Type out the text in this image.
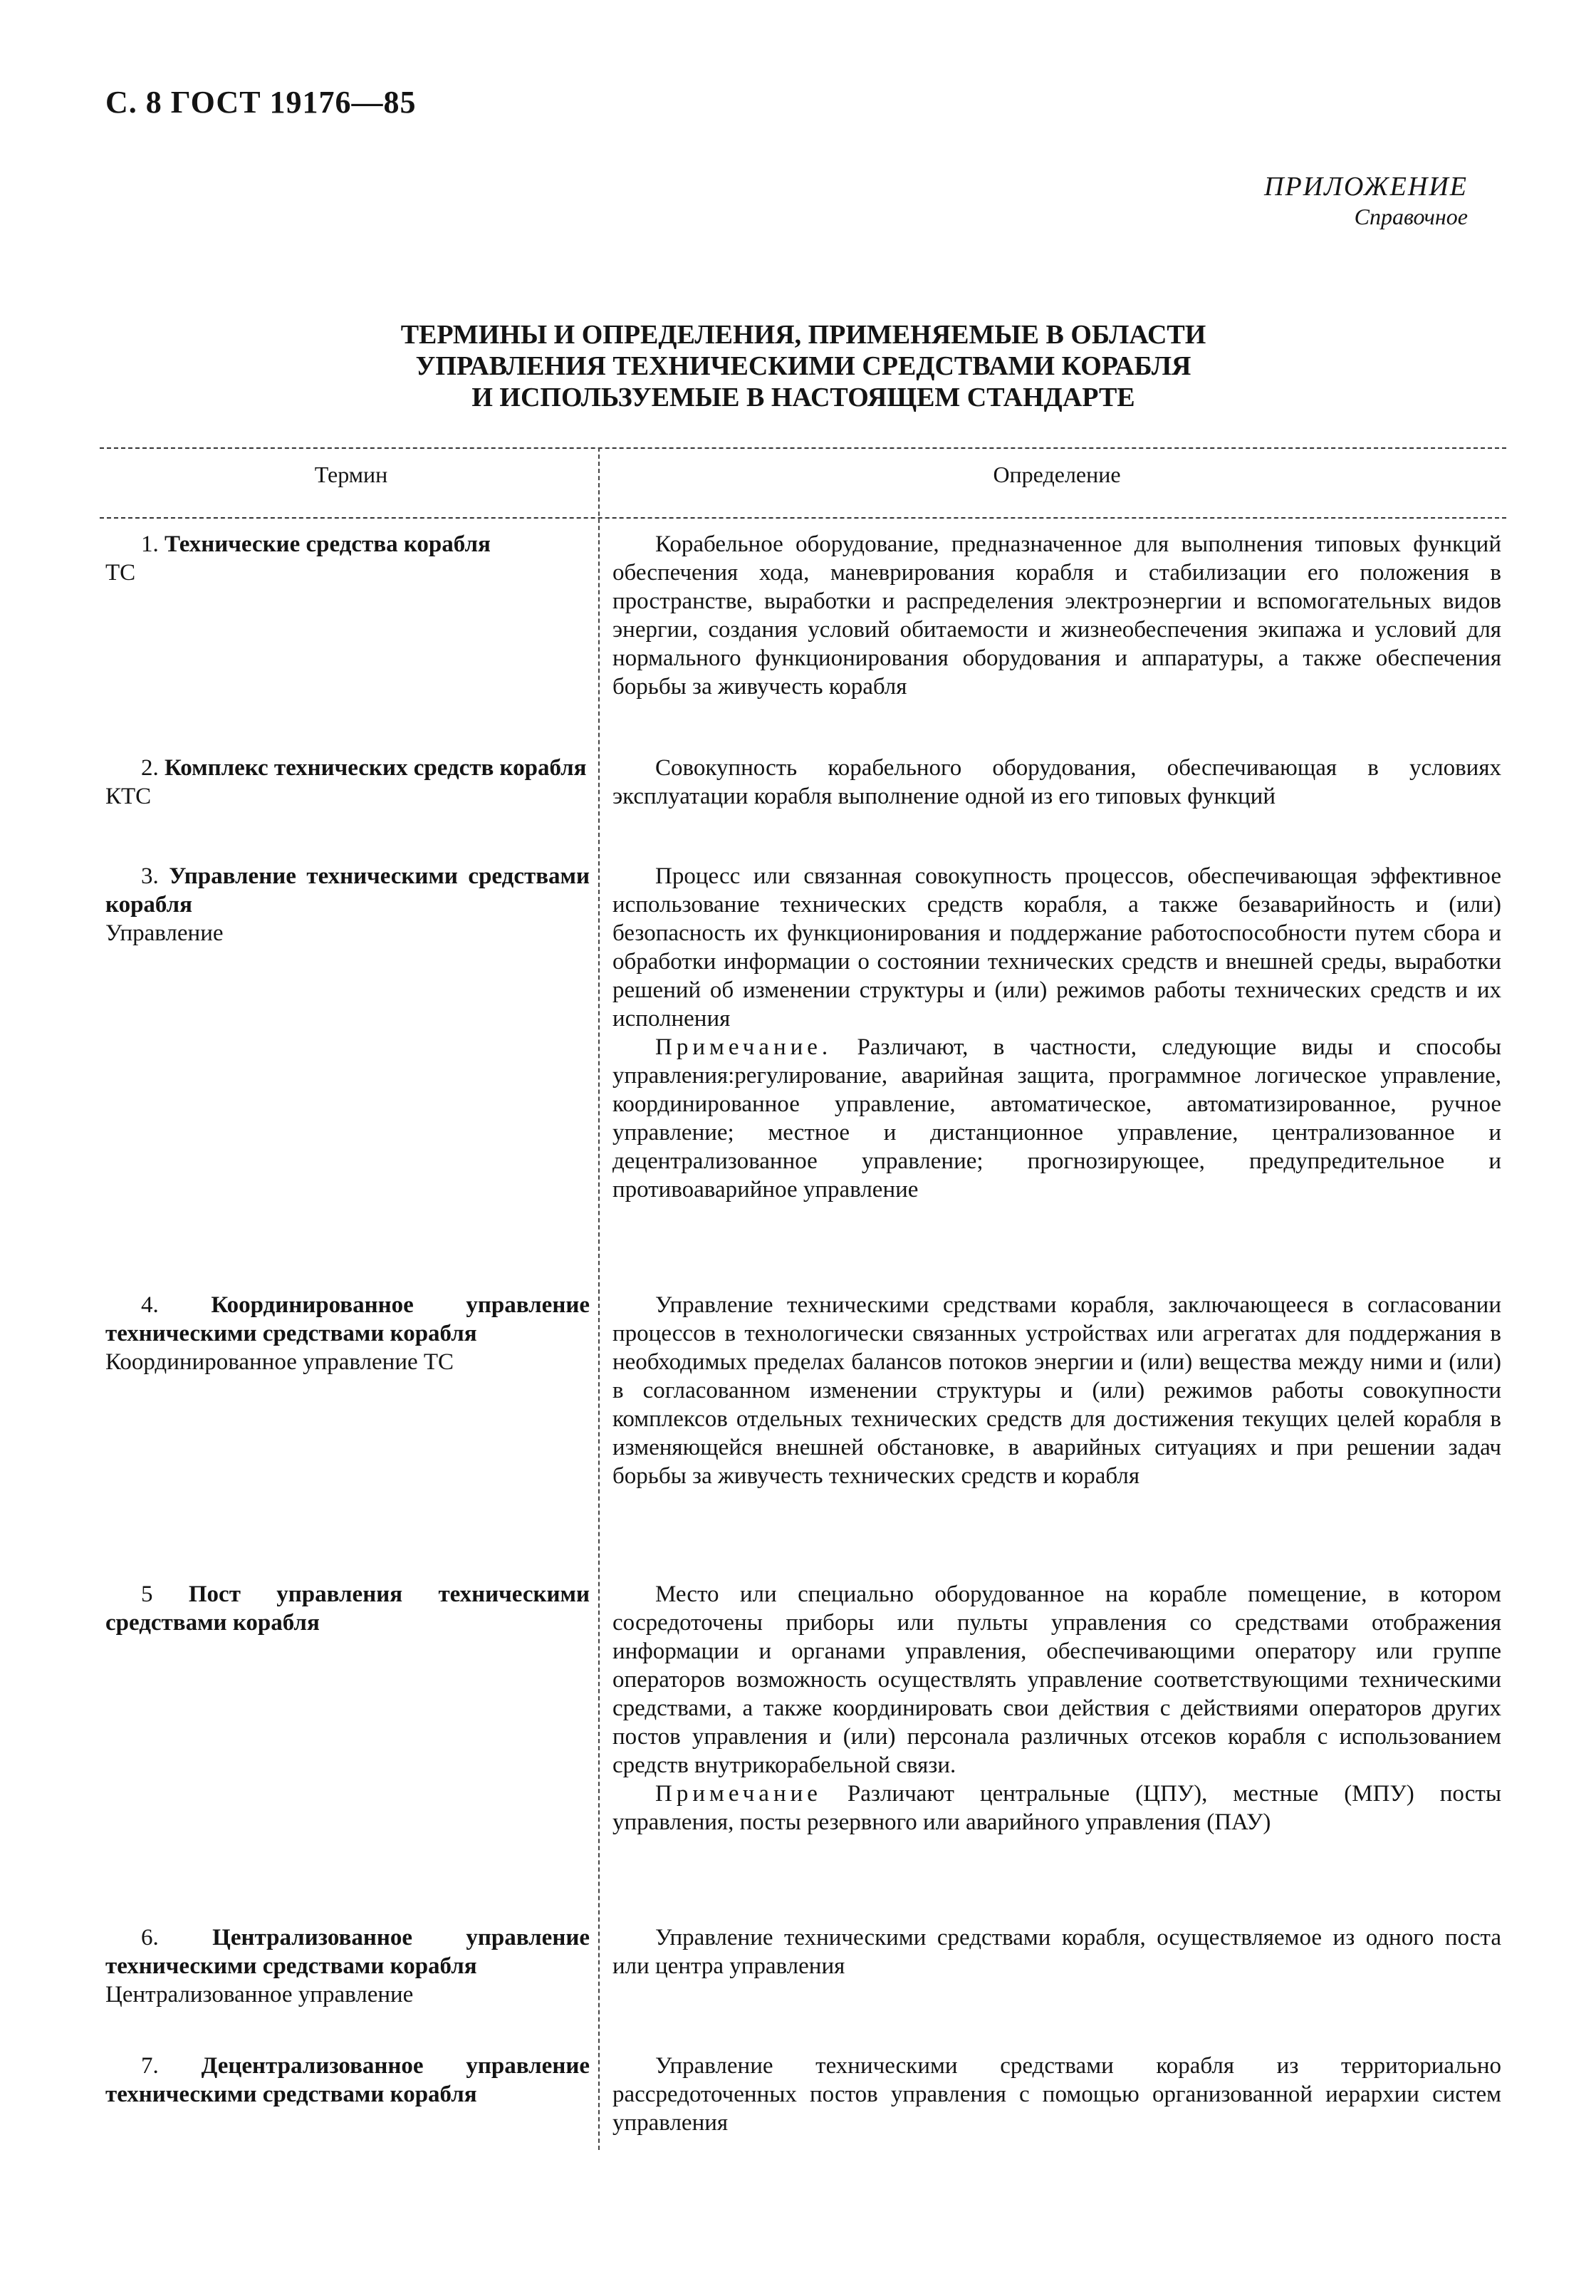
С. 8 ГОСТ 19176—85
ПРИЛОЖЕНИЕ
Справочное
ТЕРМИНЫ И ОПРЕДЕЛЕНИЯ, ПРИМЕНЯЕМЫЕ В ОБЛАСТИ
УПРАВЛЕНИЯ ТЕХНИЧЕСКИМИ СРЕДСТВАМИ КОРАБЛЯ
И ИСПОЛЬЗУЕМЫЕ В НАСТОЯЩЕМ СТАНДАРТЕ
Термин	Определение
1. Технические средства корабля
ТС

Корабельное оборудование, предназначенное для выполнения типовых функций обеспечения хода, маневрирования корабля и стабилизации его положения в пространстве, выработки и распределения электроэнергии и вспомогательных видов энергии, создания условий обитаемости и жизнеобеспечения экипажа и условий для нормального функционирования оборудования и аппаратуры, а также обеспечения борьбы за живучесть корабля

2. Комплекс технических средств корабля
КТС

Совокупность корабельного оборудования, обеспечивающая в условиях эксплуатации корабля выполнение одной из его типовых функций

3. Управление техническими средствами корабля
Управление

Процесс или связанная совокупность процессов, обеспечивающая эффективное использование технических средств корабля, а также безаварийность и (или) безопасность их функционирования и поддержание работоспособности путем сбора и обработки информации о состоянии технических средств и внешней среды, выработки решений об изменении структуры и (или) режимов работы технических средств и их исполнения

Примечание. Различают, в частности, следующие виды и способы управления:регулирование, аварийная защита, программное логическое управление, координированное управление, автоматическое, автоматизированное, ручное управление; местное и дистанционное управление, централизованное и децентрализованное управление; прогнозирующее, предупредительное и противоаварийное управление

4. Координированное управление техническими средствами корабля
Координированное управление ТС

Управление техническими средствами корабля, заключающееся в согласовании процессов в технологически связанных устройствах или агрегатах для поддержания в необходимых пределах балансов потоков энергии и (или) вещества между ними и (или) в согласованном изменении структуры и (или) режимов работы совокупности комплексов отдельных технических средств для достижения текущих целей корабля в изменяющейся внешней обстановке, в аварийных ситуациях и при решении задач борьбы за живучесть технических средств и корабля

5 Пост управления техническими средствами корабля

Место или специально оборудованное на корабле помещение, в котором сосредоточены приборы или пульты управления со средствами отображения информации и органами управления, обеспечивающими оператору или группе операторов возможность осуществлять управление соответствующими техническими средствами, а также координировать свои действия с действиями операторов других постов управления и (или) персонала различных отсеков корабля с использованием средств внутрикорабельной связи.

Примечание Различают центральные (ЦПУ), местные (МПУ) посты управления, посты резервного или аварийного управления (ПАУ)

6. Централизованное управление техническими средствами корабля
Централизованное управление

Управление техническими средствами корабля, осуществляемое из одного поста или центра управления

7. Децентрализованное управление техническими средствами корабля

Управление техническими средствами корабля из территориально рассредоточенных постов управления с помощью организованной иерархии систем управления
